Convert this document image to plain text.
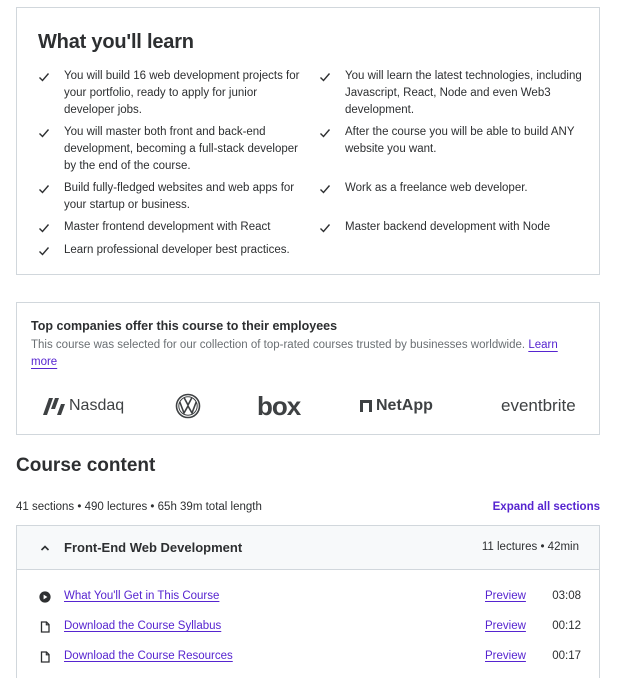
What you'll learn
You will build 16 web development projects for your portfolio, ready to apply for junior developer jobs.
You will master both front and back-end development, becoming a full-stack developer by the end of the course.
Build fully-fledged websites and web apps for your startup or business.
Master frontend development with React
Learn professional developer best practices.
You will learn the latest technologies, including Javascript, React, Node and even Web3 development.
After the course you will be able to build ANY website you want.
Work as a freelance web developer.
Master backend development with Node
Top companies offer this course to their employees
This course was selected for our collection of top-rated courses trusted by businesses worldwide. Learn more
Nasdaq	box	NetApp	eventbrite
Course content
41 sections • 490 lectures • 65h 39m total length	Expand all sections
Front-End Web Development	11 lectures • 42min
What You'll Get in This Course	Preview 03:08
Download the Course Syllabus	Preview 00:12
Download the Course Resources	Preview 00:17
